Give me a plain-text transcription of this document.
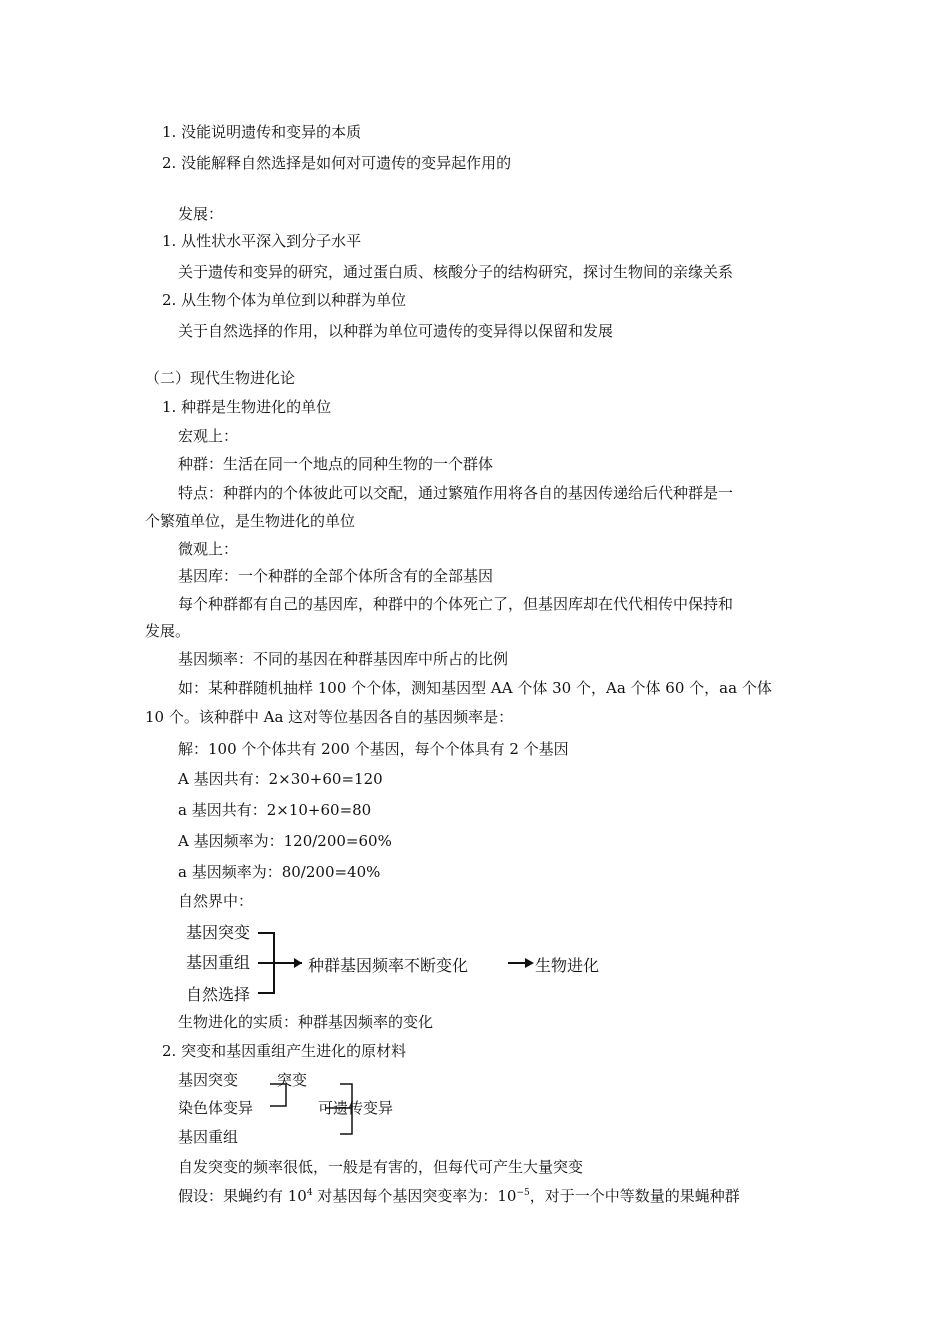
1. 没能说明遗传和变异的本质
2. 没能解释自然选择是如何对可遗传的变异起作用的
发展：
1. 从性状水平深入到分子水平
关于遗传和变异的研究，通过蛋白质、核酸分子的结构研究，探讨生物间的亲缘关系
2. 从生物个体为单位到以种群为单位
关于自然选择的作用，以种群为单位可遗传的变异得以保留和发展
（二）现代生物进化论
1. 种群是生物进化的单位
宏观上：
种群：生活在同一个地点的同种生物的一个群体
特点：种群内的个体彼此可以交配，通过繁殖作用将各自的基因传递给后代种群是一
个繁殖单位，是生物进化的单位
微观上：
基因库：一个种群的全部个体所含有的全部基因
每个种群都有自己的基因库，种群中的个体死亡了，但基因库却在代代相传中保持和
发展。
基因频率：不同的基因在种群基因库中所占的比例
如：某种群随机抽样 100 个个体，测知基因型 AA 个体 30 个，Aa 个体 60 个，aa 个体
10 个。该种群中 Aa 这对等位基因各自的基因频率是：
解：100 个个体共有 200 个基因，每个个体具有 2 个基因
A 基因共有：2×30+60=120
a 基因共有：2×10+60=80
A 基因频率为：120/200=60%
a 基因频率为：80/200=40%
自然界中：
基因突变
基因重组
自然选择
种群基因频率不断变化	生物进化
生物进化的实质：种群基因频率的变化
2. 突变和基因重组产生进化的原材料
基因突变
染色体变异
基因重组
突变
可遗传变异
自发突变的频率很低，一般是有害的，但每代可产生大量突变
假设：果蝇约有 $10^4$ 对基因每个基因突变率为：$10^{-5}$，对于一个中等数量的果蝇种群
